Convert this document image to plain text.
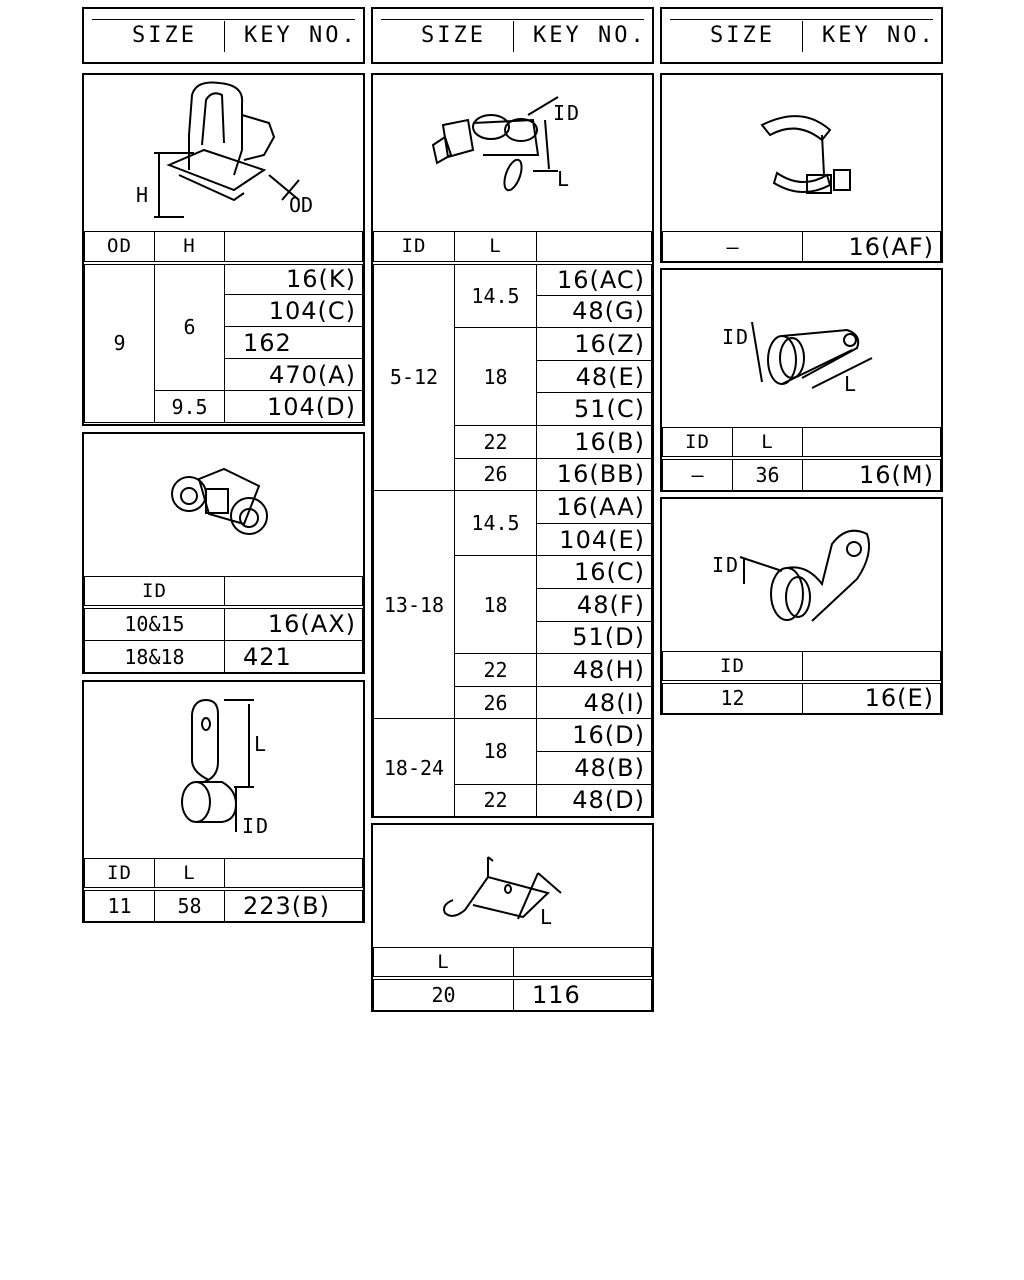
SIZE KEY NO.	SIZE KEY NO.	SIZE KEY NO.
H	OD
OD	H	
9	6	16(K)
		104(C)
		162
		470(A)
	9.5	104(D)
ID	
10&15	16(AX)
18&18	421
L
ID
ID	L	
11	58	223(B)
ID
L
ID	L	
5-12	14.5	16(AC)
		48(G)
	18	16(Z)
		48(E)
		51(C)
	22	16(B)
	26	16(BB)
13-18	14.5	16(AA)
		104(E)
	18	16(C)
		48(F)
		51(D)
	22	48(H)
	26	48(I)
18-24	18	16(D)
		48(B)
	22	48(D)
L
L	
20	116
—	16(AF)
ID
L
ID	L	
—	36	16(M)
ID
ID	
12	16(E)
